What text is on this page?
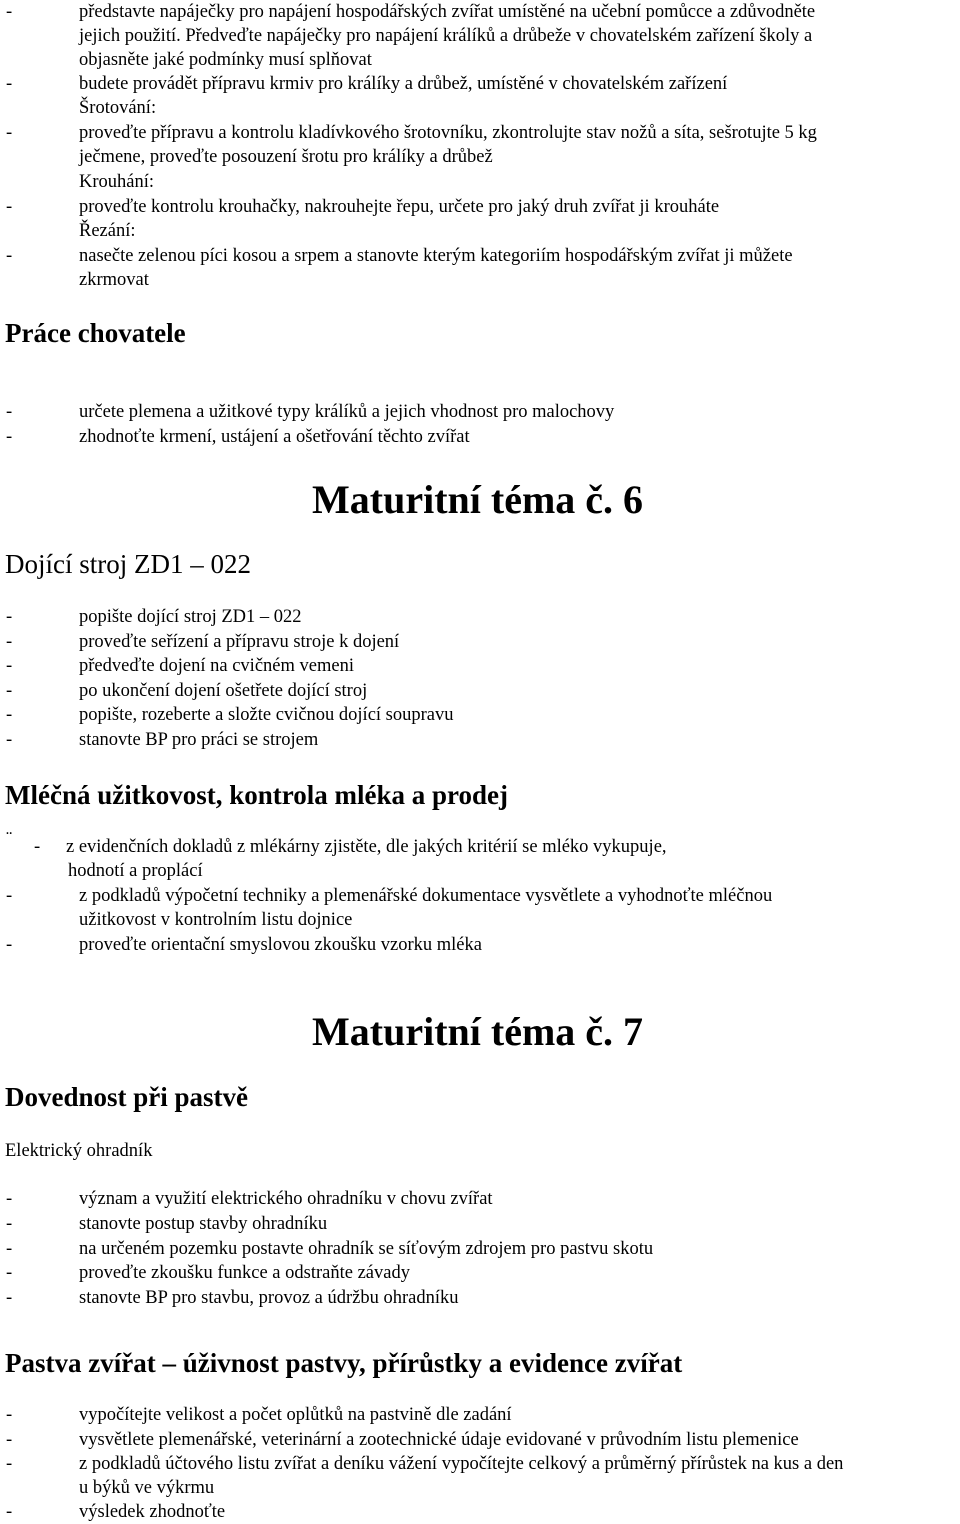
-	představte napáječky pro napájení hospodářských zvířat umístěné na učební pomůcce a zdůvodněte
jejich použití. Předveďte napáječky pro napájení králíků a drůbeže v chovatelském zařízení školy a
objasněte jaké podmínky musí splňovat
-	budete provádět přípravu krmiv pro králíky a drůbež, umístěné v chovatelském zařízení
Šrotování:
-	proveďte přípravu a kontrolu kladívkového šrotovníku, zkontrolujte stav nožů a síta, sešrotujte 5 kg
ječmene, proveďte posouzení šrotu pro králíky a drůbež
Krouhání:
-	proveďte kontrolu krouhačky, nakrouhejte řepu, určete pro jaký druh zvířat ji krouháte
Řezání:
-	nasečte zelenou píci kosou a srpem a stanovte kterým kategoriím hospodářským zvířat ji můžete
zkrmovat
Práce chovatele
-	určete plemena a užitkové typy králíků a jejich vhodnost pro malochovy
-	zhodnoťte krmení, ustájení a ošetřování těchto zvířat
Maturitní téma č. 6
Dojící stroj ZD1 – 022
-	popište dojící stroj ZD1 – 022
-	proveďte seřízení a přípravu stroje k dojení
-	předveďte dojení na cvičném vemeni
-	po ukončení dojení ošetřete dojící stroj
-	popište, rozeberte a složte cvičnou dojící soupravu
-	stanovte BP pro práci se strojem
Mléčná užitkovost, kontrola mléka a prodej
¨ - z evidenčních dokladů z mlékárny zjistěte, dle jakých kritérií se mléko vykupuje,
hodnotí a proplácí
-	z podkladů výpočetní techniky a plemenářské dokumentace vysvětlete a vyhodnoťte mléčnou
užitkovost v kontrolním listu dojnice
-	proveďte orientační smyslovou zkoušku vzorku mléka
Maturitní téma č. 7
Dovednost při pastvě
Elektrický ohradník
-	význam a využití elektrického ohradníku v chovu zvířat
-	stanovte postup stavby ohradníku
-	na určeném pozemku postavte ohradník se síťovým zdrojem pro pastvu skotu
-	proveďte zkoušku funkce a odstraňte závady
-	stanovte BP pro stavbu, provoz a údržbu ohradníku
Pastva zvířat – úživnost pastvy, přírůstky a evidence zvířat
-	vypočítejte velikost a počet oplůtků na pastvině dle zadání
-	vysvětlete plemenářské, veterinární a zootechnické údaje evidované v průvodním listu plemenice
-	z podkladů účtového listu zvířat a deníku vážení vypočítejte celkový a průměrný přírůstek na kus a den
u býků ve výkrmu
-	výsledek zhodnoťte
